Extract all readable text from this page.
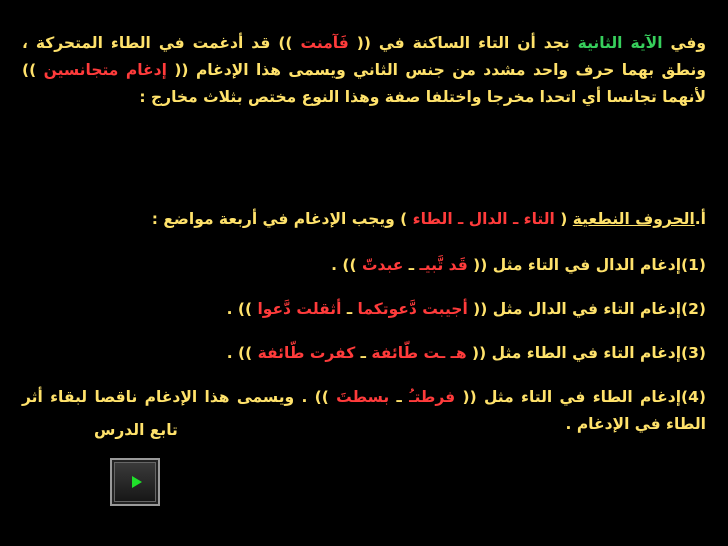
وفي الآية الثانية نجد أن التاء الساكنة في (( فَآمنت )) قد أدغمت في الطاء المتحركة ، ونطق بهما حرف واحد مشدد من جنس الثاني ويسمى هذا الإدغام (( إدغام متجانسين )) لأنهما تجانسا أي اتحدا مخرجا واختلفا صفة وهذا النوع مختص بثلاث مخارج :
أ.الحروف النطعية ( التاء ـ الدال ـ الطاء ) ويجب الإدغام في أربعة مواضع :
(1)إدغام الدال في التاء مثل (( قَد تَّبيـ ـ عبدتّ )) .
(2)إدغام التاء في الدال مثل (( أجيبت دَّعوتكما ـ أثقلت دَّعوا )) .
(3)إدغام التاء في الطاء مثل (( هـ ـت طّائفة ـ كفرت طّائفة )) .
(4)إدغام الطاء في التاء مثل (( فرطتـُ ـ بسطتَ )) . ويسمى هذا الإدغام ناقصا لبقاء أثر الطاء في الإدغام .
تابع الدرس
